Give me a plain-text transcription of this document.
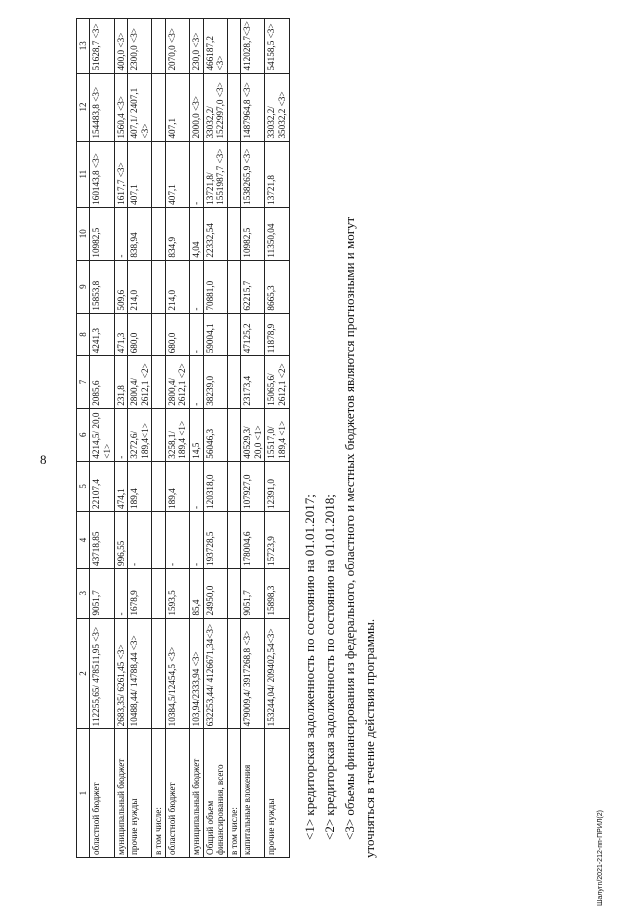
8
1	2	3	4	5	6	7	8	9	10	11	12	13
областной бюджет	112255,65/ 478511,95 <3>	9051,7	43718,85	22107,4	4214,5/ 20,0 <1>	2085,6	4241,3	15853,8	10982,5	160143,8 <3>	154483,8 <3>	51628,7 <3>
муниципальный бюджет	2683,35/ 6261,45 <3>	-	996,55	474,1	-	231,8	471,3	509,6	-	1617,7 <3>	1560,4 <3>	400,0 <3>
прочие нужды	10488,44/ 14788,44 <3>	1678,9	-	189,4	3272,6/ 189,4<1>	2800,4/ 2612,1 <2>	680,0	214,0	838,94	407,1	407,1/ 2407,1 <3>	2300,0 <3>
в том числе:												
областной бюджет	10384,5/12454,5 <3>	1593,5	-	189,4	3258,1/ 189,4 <1>	2800,4/ 2612,1 <2>	680,0	214,0	834,9	407,1	407,1	2070,0 <3>
муниципальный бюджет	103,94/2333,94 <3>	85,4	-	-	14,5	-	-	-	4,04	-	2000,0 <3>	230,0 <3>
Общий объем финансирования, всего	632253,44/ 4126671,34<3>	24950,0	193728,5	120318,0	56046,3	38239,0	59004,1	70881,0	22332,54	13721,8/ 1551987,7 <3>	33032,2/ 1522997,0 <3>	466187,2 <3>
в том числе:												
капитальные вложения	479009,4/ 3917268,8 <3>	9051,7	178004,6	107927,0	40529,3/ 20,0 <1>	23173,4	47125,2	62215,7	10982,5	1538265,9 <3>	1487964,8 <3>	412028,7<3>
прочие нужды	153244,04/ 209402,54<3>	15898,3	15723,9	12391,0	15517,0/ 189,4 <1>	15065,6/ 2612,1 <2>	11878,9	8665,3	11350,04	13721,8	33032,2/ 35032,2 <3>	54158,5 <3>
<1> кредиторская задолженность по состоянию на 01.01.2017; <2> кредиторская задолженность по состоянию на 01.01.2018; <3> объемы финансирования из федерального, областного и местных бюджетов являются прогнозными и могут уточняться в течение действия программы.	Шалугn/2021-212-пп-ПРИЛ(2)
